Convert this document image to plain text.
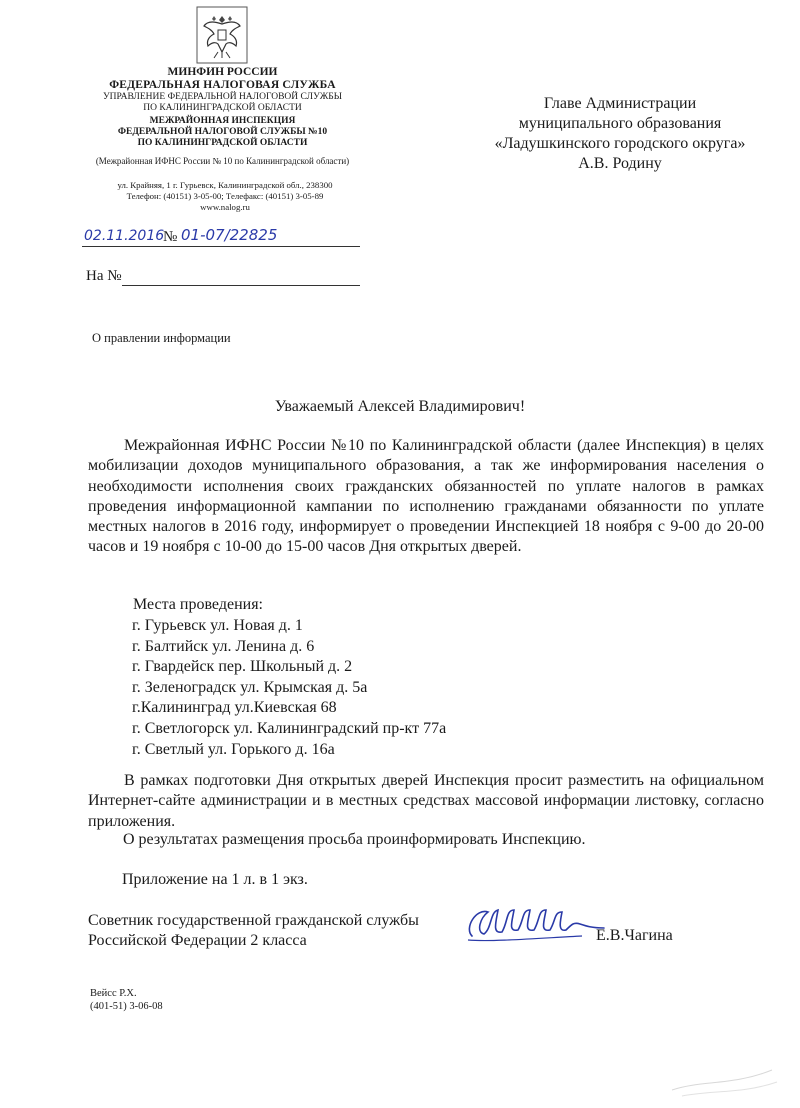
МИНФИН РОССИИ
ФЕДЕРАЛЬНАЯ НАЛОГОВАЯ СЛУЖБА
УПРАВЛЕНИЕ ФЕДЕРАЛЬНОЙ НАЛОГОВОЙ СЛУЖБЫ
ПО КАЛИНИНГРАДСКОЙ ОБЛАСТИ
МЕЖРАЙОННАЯ ИНСПЕКЦИЯ
ФЕДЕРАЛЬНОЙ НАЛОГОВОЙ СЛУЖБЫ №10
ПО КАЛИНИНГРАДСКОЙ ОБЛАСТИ
(Межрайонная ИФНС России № 10 по Калининградской области)
ул. Крайняя, 1 г. Гурьевск, Калининградской обл., 238300
Телефон: (40151) 3-05-00; Телефакс: (40151) 3-05-89
www.nalog.ru
02.11.2016
№ 01-07/22825
На №
О правлении информации
Главе Администрации
муниципального образования
«Ладушкинского городского округа»
А.В. Родину
Уважаемый Алексей Владимирович!
Межрайонная ИФНС России №10 по Калининградской области (далее Инспекция) в целях мобилизации доходов муниципального образования, а так же информирования населения о необходимости исполнения своих гражданских обязанностей по уплате налогов в рамках проведения информационной кампании по исполнению гражданами обязанности по уплате местных налогов в 2016 году, информирует о проведении Инспекцией 18 ноября с 9-00 до 20-00 часов и 19 ноября с 10-00 до 15-00 часов Дня открытых дверей.
Места проведения:
г. Гурьевск ул. Новая д. 1
г. Балтийск ул. Ленина д. 6
г. Гвардейск пер. Школьный д. 2
г. Зеленоградск ул. Крымская д. 5а
г.Калининград ул.Киевская 68
г. Светлогорск ул. Калининградский пр-кт 77а
г. Светлый ул. Горького д. 16а
В рамках подготовки Дня открытых дверей Инспекция просит разместить на официальном Интернет-сайте администрации и в местных средствах массовой информации листовку, согласно приложения.
О результатах размещения просьба проинформировать Инспекцию.
Приложение на 1 л. в 1 экз.
Советник государственной гражданской службы
Российской Федерации 2 класса	Е.В.Чагина
Вейсс Р.Х.
(401-51) 3-06-08
